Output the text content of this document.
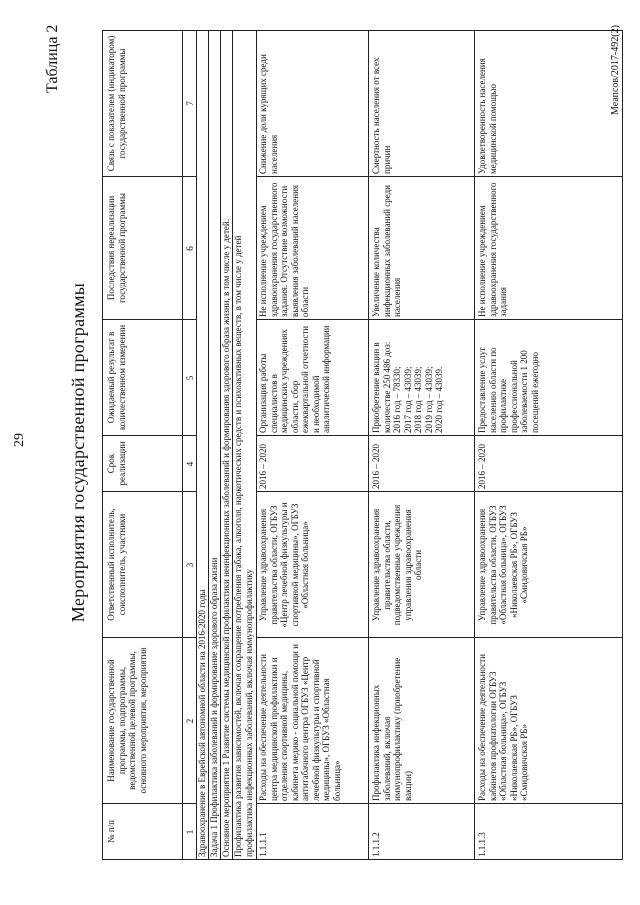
29
Таблица 2
Мероприятия государственной программы
№ п/п
Наименование государственной программы, подпрограммы, ведомственной целевой программы, основного мероприятия, мероприятия
Ответственный исполнитель, соисполнитель, участники
Срок реализации
Ожидаемый результат в количественном измерении
Последствия нереализации государственной программы
Связь с показателем (индикатором) государственной программы
1
2
3
4
5
6
7
Здравоохранение в Еврейской автономной области на 2016-2020 годы Задача 1 Профилактика заболеваний и формирование здорового образа жизни Основное мероприятие 1 Развитие системы медицинской профилактики неинфекционных заболеваний и формирования здорового образа жизни, в том числе у детей. Профилактика развития зависимостей, включая сокращение потребления табака, алкоголя, наркотических средств и психоактивных веществ, в том числе у детей профилактика инфекционных заболеваний, включая иммунопрофилактику 1.1.1.1
Расходы на обеспечение деятельности центра медицинской профилактики и отделения спортивной медицины, кабинета медико - социальной помощи и антитабачного центра ОГБУЗ «Центр лечебной физкультуры и спортивной медицины», ОГБУЗ «Областная больница»
Управление здравоохранения правительства области, ОГБУЗ «Центр лечебной физкультуры и спортивной медицины», ОГБУЗ «Областная больница»
2016 – 2020
Организация работы специалистов в медицинских учреждениях области, сбор ежеквартальной отчетности и необходимой аналитической информации
Не исполнение учреждением здравоохранения государственного задания. Отсутствие возможности выявления заболеваний населения области
Снижение доли курящих среди населения
1.1.1.2
Профилактика инфекционных заболеваний, включая иммунопрофилактику (приобретение вакцин)
Управление здравоохранения правительства области, подведомственные учреждения управления здравоохранения области
2016 – 2020
Приобретение вакцин в количестве 250 486 доз:
2016 год – 78330;
2017 год – 43039;
2018 год – 43039;
2019 год – 43039;
2020 год – 43039.
Увеличение количества инфекционных заболеваний среди населения
Смертность населения от всех причин
1.1.1.3
Расходы на обеспечение деятельности кабинетов профпатологии ОГБУЗ «Областная больница», ОГБУЗ «Николаевская РБ», ОГБУЗ «Смидовичская РБ»
Управление здравоохранения правительства области, ОГБУЗ «Областная больница», ОГБУЗ «Николаевская РБ», ОГБУЗ «Смидовичская РБ»
2016 – 2020
Предоставление услуг населению области по профилактике профессиональной заболеваемости 1 200 посещений ежегодно
Не исполнение учреждением здравоохранения государственного задания
Удовлетворенность населения медицинской помощью
Меапсов/2017-492(2)
